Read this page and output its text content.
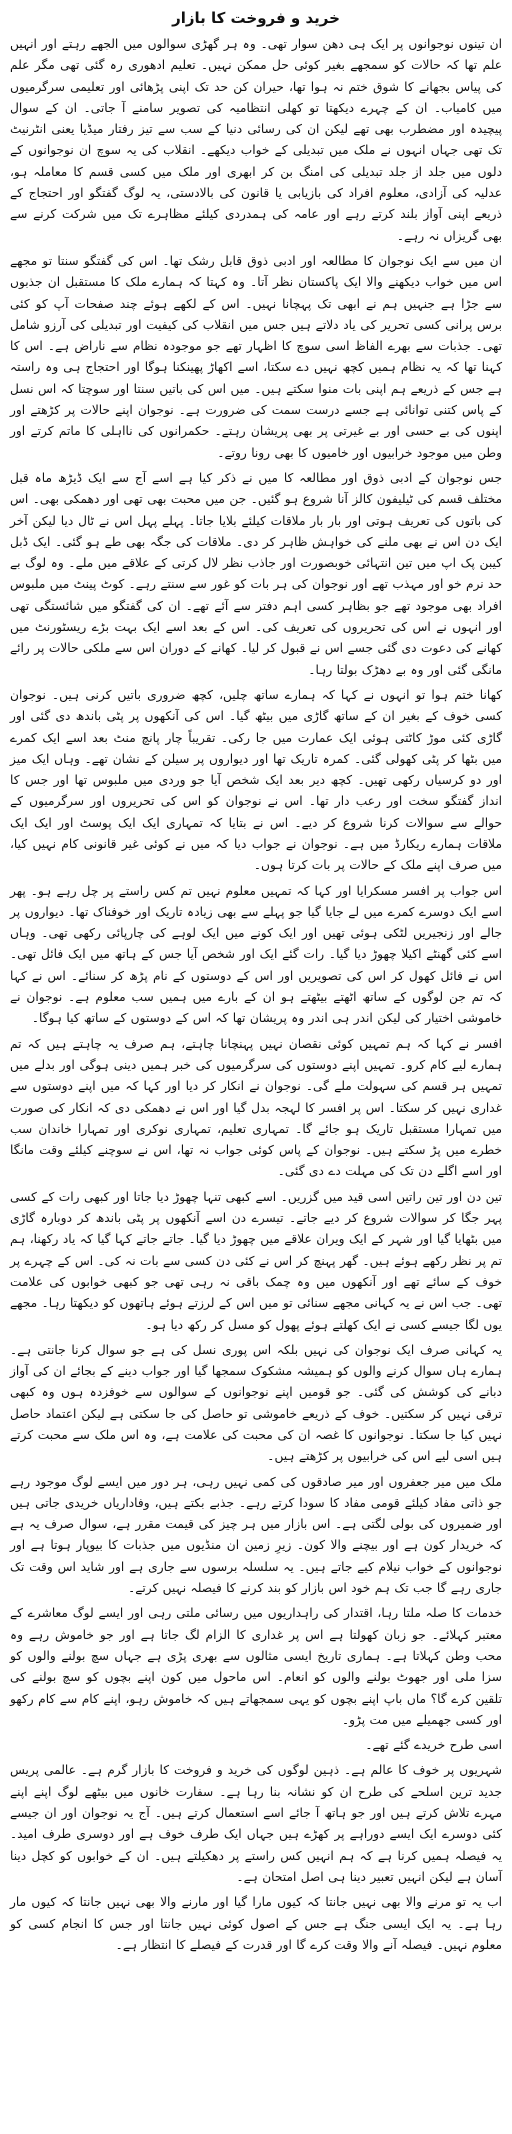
خرید و فروخت کا بازار

ان تینوں نوجوانوں پر ایک ہی دھن سوار تھی۔ وہ ہر گھڑی سوالوں میں الجھے رہتے اور انہیں علم تھا کہ حالات کو سمجھے بغیر کوئی حل ممکن نہیں۔ تعلیم ادھوری رہ گئی تھی مگر علم کی پیاس بجھانے کا شوق ختم نہ ہوا تھا، حیران کن حد تک اپنی پڑھائی اور تعلیمی سرگرمیوں میں کامیاب۔ ان کے چہرے دیکھتا تو کھلی انتظامیہ کی تصویر سامنے آ جاتی۔ ان کے سوال پیچیدہ اور مضطرب بھی تھے لیکن ان کی رسائی دنیا کے سب سے تیز رفتار میڈیا یعنی انٹرنیٹ تک تھی جہاں انہوں نے ملک میں تبدیلی کے خواب دیکھے۔ انقلاب کی یہ سوچ ان نوجوانوں کے دلوں میں جلد از جلد تبدیلی کی امنگ بن کر ابھری اور ملک میں کسی قسم کا معاملہ ہو، عدلیہ کی آزادی، معلوم افراد کی بازیابی یا قانون کی بالادستی، یہ لوگ گفتگو اور احتجاج کے ذریعے اپنی آواز بلند کرتے رہے اور عامہ کی ہمدردی کیلئے مظاہرے تک میں شرکت کرنے سے بھی گریزاں نہ رہے۔

ان میں سے ایک نوجوان کا مطالعہ اور ادبی ذوق قابل رشک تھا۔ اس کی گفتگو سنتا تو مجھے اس میں خواب دیکھنے والا ایک پاکستان نظر آتا۔ وہ کہتا کہ ہمارے ملک کا مستقبل ان جذبوں سے جڑا ہے جنہیں ہم نے ابھی تک پہچانا نہیں۔ اس کے لکھے ہوئے چند صفحات آپ کو کئی برس پرانی کسی تحریر کی یاد دلاتے ہیں جس میں انقلاب کی کیفیت اور تبدیلی کی آرزو شامل تھی۔ جذبات سے بھرے الفاظ اسی سوچ کا اظہار تھے جو موجودہ نظام سے ناراض ہے۔ اس کا کہنا تھا کہ یہ نظام ہمیں کچھ نہیں دے سکتا، اسے اکھاڑ پھینکنا ہوگا اور احتجاج ہی وہ راستہ ہے جس کے ذریعے ہم اپنی بات منوا سکتے ہیں۔ میں اس کی باتیں سنتا اور سوچتا کہ اس نسل کے پاس کتنی توانائی ہے جسے درست سمت کی ضرورت ہے۔ نوجوان اپنے حالات پر کڑھتے اور اپنوں کی بے حسی اور بے غیرتی پر بھی پریشان رہتے۔ حکمرانوں کی نااہلی کا ماتم کرتے اور وطن میں موجود خرابیوں اور خامیوں کا بھی رونا روتے۔

جس نوجوان کے ادبی ذوق اور مطالعہ کا میں نے ذکر کیا ہے اسے آج سے ایک ڈیڑھ ماہ قبل مختلف قسم کی ٹیلیفون کالز آنا شروع ہو گئیں۔ جن میں محبت بھی تھی اور دھمکی بھی۔ اس کی باتوں کی تعریف ہوتی اور بار بار ملاقات کیلئے بلایا جاتا۔ پہلے پہل اس نے ٹال دیا لیکن آخر ایک دن اس نے بھی ملنے کی خواہش ظاہر کر دی۔ ملاقات کی جگہ بھی طے ہو گئی۔ ایک ڈبل کیبن پک اپ میں تین انتہائی خوبصورت اور جاذب نظر لال کرتی کے علاقے میں ملے۔ وہ لوگ بے حد نرم خو اور مہذب تھے اور نوجوان کی ہر بات کو غور سے سنتے رہے۔ کوٹ پینٹ میں ملبوس افراد بھی موجود تھے جو بظاہر کسی اہم دفتر سے آئے تھے۔ ان کی گفتگو میں شائستگی تھی اور انہوں نے اس کی تحریروں کی تعریف کی۔ اس کے بعد اسے ایک بہت بڑے ریسٹورنٹ میں کھانے کی دعوت دی گئی جسے اس نے قبول کر لیا۔ کھانے کے دوران اس سے ملکی حالات پر رائے مانگی گئی اور وہ بے دھڑک بولتا رہا۔

کھانا ختم ہوا تو انہوں نے کہا کہ ہمارے ساتھ چلیں، کچھ ضروری باتیں کرنی ہیں۔ نوجوان کسی خوف کے بغیر ان کے ساتھ گاڑی میں بیٹھ گیا۔ اس کی آنکھوں پر پٹی باندھ دی گئی اور گاڑی کئی موڑ کاٹتی ہوئی ایک عمارت میں جا رکی۔ تقریباً چار پانچ منٹ بعد اسے ایک کمرے میں بٹھا کر پٹی کھولی گئی۔ کمرہ تاریک تھا اور دیواروں پر سیلن کے نشان تھے۔ وہاں ایک میز اور دو کرسیاں رکھی تھیں۔ کچھ دیر بعد ایک شخص آیا جو وردی میں ملبوس تھا اور جس کا انداز گفتگو سخت اور رعب دار تھا۔ اس نے نوجوان کو اس کی تحریروں اور سرگرمیوں کے حوالے سے سوالات کرنا شروع کر دیے۔ اس نے بتایا کہ تمہاری ایک ایک پوسٹ اور ایک ایک ملاقات ہمارے ریکارڈ میں ہے۔ نوجوان نے جواب دیا کہ میں نے کوئی غیر قانونی کام نہیں کیا، میں صرف اپنے ملک کے حالات پر بات کرتا ہوں۔

اس جواب پر افسر مسکرایا اور کہا کہ تمہیں معلوم نہیں تم کس راستے پر چل رہے ہو۔ پھر اسے ایک دوسرے کمرے میں لے جایا گیا جو پہلے سے بھی زیادہ تاریک اور خوفناک تھا۔ دیواروں پر جالے اور زنجیریں لٹکی ہوئی تھیں اور ایک کونے میں ایک لوہے کی چارپائی رکھی تھی۔ وہاں اسے کئی گھنٹے اکیلا چھوڑ دیا گیا۔ رات گئے ایک اور شخص آیا جس کے ہاتھ میں ایک فائل تھی۔ اس نے فائل کھول کر اس کی تصویریں اور اس کے دوستوں کے نام پڑھ کر سنائے۔ اس نے کہا کہ تم جن لوگوں کے ساتھ اٹھتے بیٹھتے ہو ان کے بارے میں ہمیں سب معلوم ہے۔ نوجوان نے خاموشی اختیار کی لیکن اندر ہی اندر وہ پریشان تھا کہ اس کے دوستوں کے ساتھ کیا ہوگا۔

افسر نے کہا کہ ہم تمہیں کوئی نقصان نہیں پہنچانا چاہتے، ہم صرف یہ چاہتے ہیں کہ تم ہمارے لیے کام کرو۔ تمہیں اپنے دوستوں کی سرگرمیوں کی خبر ہمیں دینی ہوگی اور بدلے میں تمہیں ہر قسم کی سہولت ملے گی۔ نوجوان نے انکار کر دیا اور کہا کہ میں اپنے دوستوں سے غداری نہیں کر سکتا۔ اس پر افسر کا لہجہ بدل گیا اور اس نے دھمکی دی کہ انکار کی صورت میں تمہارا مستقبل تاریک ہو جائے گا۔ تمہاری تعلیم، تمہاری نوکری اور تمہارا خاندان سب خطرے میں پڑ سکتے ہیں۔ نوجوان کے پاس کوئی جواب نہ تھا، اس نے سوچنے کیلئے وقت مانگا اور اسے اگلے دن تک کی مہلت دے دی گئی۔

تین دن اور تین راتیں اسی قید میں گزریں۔ اسے کبھی تنہا چھوڑ دیا جاتا اور کبھی رات کے کسی پہر جگا کر سوالات شروع کر دیے جاتے۔ تیسرے دن اسے آنکھوں پر پٹی باندھ کر دوبارہ گاڑی میں بٹھایا گیا اور شہر کے ایک ویران علاقے میں چھوڑ دیا گیا۔ جاتے جاتے کہا گیا کہ یاد رکھنا، ہم تم پر نظر رکھے ہوئے ہیں۔ گھر پہنچ کر اس نے کئی دن کسی سے بات نہ کی۔ اس کے چہرے پر خوف کے سائے تھے اور آنکھوں میں وہ چمک باقی نہ رہی تھی جو کبھی خوابوں کی علامت تھی۔ جب اس نے یہ کہانی مجھے سنائی تو میں اس کے لرزتے ہوئے ہاتھوں کو دیکھتا رہا۔ مجھے یوں لگا جیسے کسی نے ایک کھلتے ہوئے پھول کو مسل کر رکھ دیا ہو۔

یہ کہانی صرف ایک نوجوان کی نہیں بلکہ اس پوری نسل کی ہے جو سوال کرنا جانتی ہے۔ ہمارے ہاں سوال کرنے والوں کو ہمیشہ مشکوک سمجھا گیا اور جواب دینے کے بجائے ان کی آواز دبانے کی کوشش کی گئی۔ جو قومیں اپنے نوجوانوں کے سوالوں سے خوفزدہ ہوں وہ کبھی ترقی نہیں کر سکتیں۔ خوف کے ذریعے خاموشی تو حاصل کی جا سکتی ہے لیکن اعتماد حاصل نہیں کیا جا سکتا۔ نوجوانوں کا غصہ ان کی محبت کی علامت ہے، وہ اس ملک سے محبت کرتے ہیں اسی لیے اس کی خرابیوں پر کڑھتے ہیں۔

ملک میں میر جعفروں اور میر صادقوں کی کمی نہیں رہی، ہر دور میں ایسے لوگ موجود رہے جو ذاتی مفاد کیلئے قومی مفاد کا سودا کرتے رہے۔ جذبے بکتے ہیں، وفاداریاں خریدی جاتی ہیں اور ضمیروں کی بولی لگتی ہے۔ اس بازار میں ہر چیز کی قیمت مقرر ہے، سوال صرف یہ ہے کہ خریدار کون ہے اور بیچنے والا کون۔ زیرِ زمین ان منڈیوں میں جذبات کا بیوپار ہوتا ہے اور نوجوانوں کے خواب نیلام کیے جاتے ہیں۔ یہ سلسلہ برسوں سے جاری ہے اور شاید اس وقت تک جاری رہے گا جب تک ہم خود اس بازار کو بند کرنے کا فیصلہ نہیں کرتے۔

خدمات کا صلہ ملتا رہا، اقتدار کی راہداریوں میں رسائی ملتی رہی اور ایسے لوگ معاشرے کے معتبر کہلائے۔ جو زبان کھولتا ہے اس پر غداری کا الزام لگ جاتا ہے اور جو خاموش رہے وہ محب وطن کہلاتا ہے۔ ہماری تاریخ ایسی مثالوں سے بھری پڑی ہے جہاں سچ بولنے والوں کو سزا ملی اور جھوٹ بولنے والوں کو انعام۔ اس ماحول میں کون اپنے بچوں کو سچ بولنے کی تلقین کرے گا؟ ماں باپ اپنے بچوں کو یہی سمجھاتے ہیں کہ خاموش رہو، اپنے کام سے کام رکھو اور کسی جھمیلے میں مت پڑو۔

اسی طرح خریدے گئے تھے۔

شہریوں پر خوف کا عالم ہے۔ ذہین لوگوں کی خرید و فروخت کا بازار گرم ہے۔ عالمی پریس جدید ترین اسلحے کی طرح ان کو نشانہ بنا رہا ہے۔ سفارت خانوں میں بیٹھے لوگ اپنے اپنے مہرے تلاش کرتے ہیں اور جو ہاتھ آ جائے اسے استعمال کرتے ہیں۔ آج یہ نوجوان اور ان جیسے کئی دوسرے ایک ایسے دوراہے پر کھڑے ہیں جہاں ایک طرف خوف ہے اور دوسری طرف امید۔ یہ فیصلہ ہمیں کرنا ہے کہ ہم انہیں کس راستے پر دھکیلتے ہیں۔ ان کے خوابوں کو کچل دینا آسان ہے لیکن انہیں تعبیر دینا ہی اصل امتحان ہے۔

اب یہ تو مرنے والا بھی نہیں جانتا کہ کیوں مارا گیا اور مارنے والا بھی نہیں جانتا کہ کیوں مار رہا ہے۔ یہ ایک ایسی جنگ ہے جس کے اصول کوئی نہیں جانتا اور جس کا انجام کسی کو معلوم نہیں۔ فیصلہ آنے والا وقت کرے گا اور قدرت کے فیصلے کا انتظار ہے۔
